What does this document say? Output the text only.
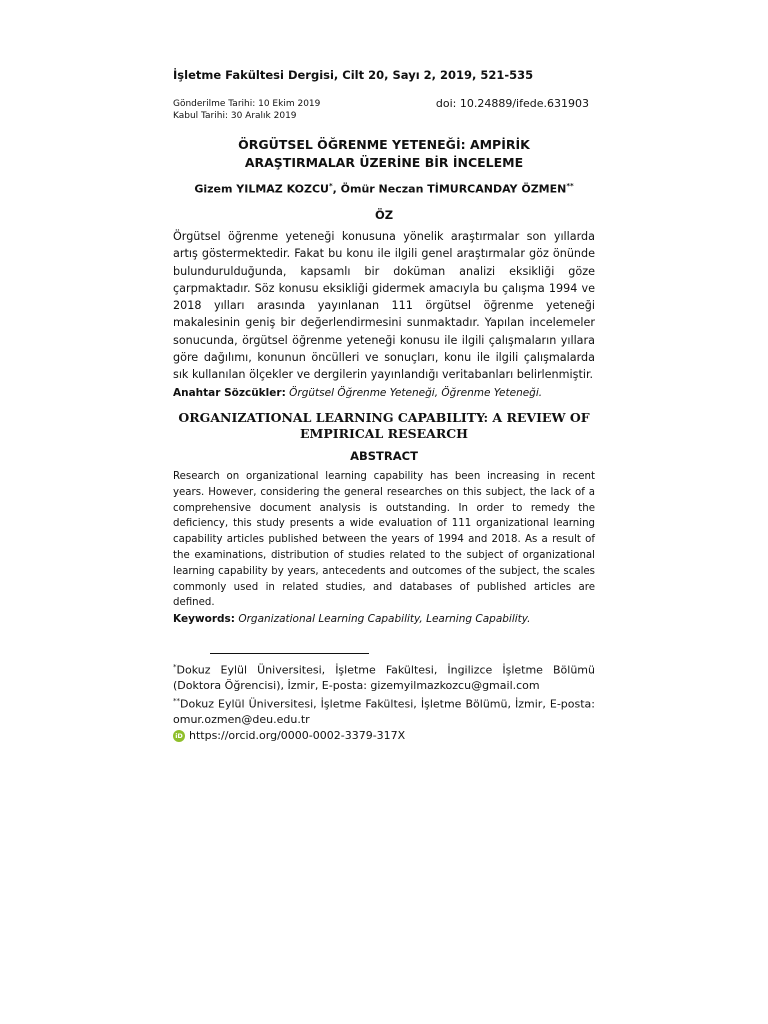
İşletme Fakültesi Dergisi, Cilt 20, Sayı 2, 2019, 521-535
Gönderilme Tarihi: 10 Ekim 2019
Kabul Tarihi: 30 Aralık 2019
doi: 10.24889/ifede.631903
ÖRGÜTSEL ÖĞRENME YETENEĞİ: AMPİRİK
ARAŞTIRMALAR ÜZERİNE BİR İNCELEME
Gizem YILMAZ KOZCU*, Ömür Neczan TİMURCANDAY ÖZMEN**
ÖZ
Örgütsel öğrenme yeteneği konusuna yönelik araştırmalar son yıllarda artış göstermektedir. Fakat bu konu ile ilgili genel araştırmalar göz önünde bulundurulduğunda, kapsamlı bir doküman analizi eksikliği göze çarpmaktadır. Söz konusu eksikliği gidermek amacıyla bu çalışma 1994 ve 2018 yılları arasında yayınlanan 111 örgütsel öğrenme yeteneği makalesinin geniş bir değerlendirmesini sunmaktadır. Yapılan incelemeler sonucunda, örgütsel öğrenme yeteneği konusu ile ilgili çalışmaların yıllara göre dağılımı, konunun öncülleri ve sonuçları, konu ile ilgili çalışmalarda sık kullanılan ölçekler ve dergilerin yayınlandığı veritabanları belirlenmiştir.
Anahtar Sözcükler: Örgütsel Öğrenme Yeteneği, Öğrenme Yeteneği.
ORGANIZATIONAL LEARNING CAPABILITY: A REVIEW OF
EMPIRICAL RESEARCH
ABSTRACT
Research on organizational learning capability has been increasing in recent years. However, considering the general researches on this subject, the lack of a comprehensive document analysis is outstanding. In order to remedy the deficiency, this study presents a wide evaluation of 111 organizational learning capability articles published between the years of 1994 and 2018. As a result of the examinations, distribution of studies related to the subject of organizational learning capability by years, antecedents and outcomes of the subject, the scales commonly used in related studies, and databases of published articles are defined.
Keywords: Organizational Learning Capability, Learning Capability.
*Dokuz Eylül Üniversitesi, İşletme Fakültesi, İngilizce İşletme Bölümü (Doktora Öğrencisi), İzmir, E-posta: gizemyilmazkozcu@gmail.com
**Dokuz Eylül Üniversitesi, İşletme Fakültesi, İşletme Bölümü, İzmir, E-posta: omur.ozmen@deu.edu.tr
iD https://orcid.org/0000-0002-3379-317X
